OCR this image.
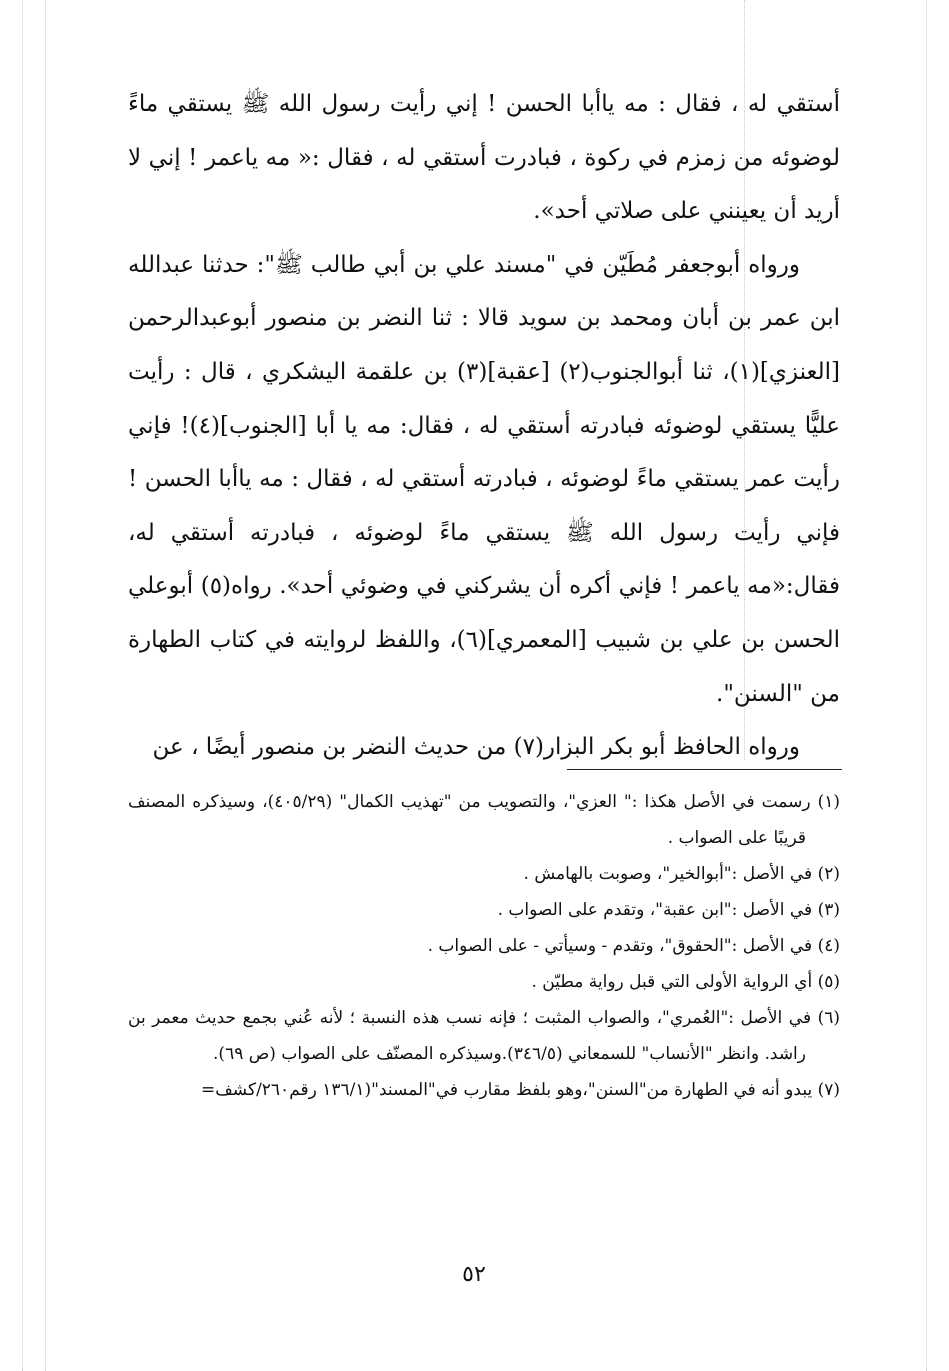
أستقي له ، فقال : مه ياأبا الحسن ! إني رأيت رسول الله ﷺ يستقي ماءً لوضوئه من زمزم في ركوة ، فبادرت أستقي له ، فقال :« مه ياعمر ! إني لا أريد أن يعينني على صلاتي أحد».

ورواه أبوجعفر مُطَيّن في "مسند علي بن أبي طالب ﷺ": حدثنا عبدالله ابن عمر بن أبان ومحمد بن سويد قالا : ثنا النضر بن منصور أبوعبدالرحمن [العنزي](١)، ثنا أبوالجنوب(٢) [عقبة](٣) بن علقمة اليشكري ، قال : رأيت عليًّا يستقي لوضوئه فبادرته أستقي له ، فقال: مه يا أبا [الجنوب](٤)! فإني رأيت عمر يستقي ماءً لوضوئه ، فبادرته أستقي له ، فقال : مه ياأبا الحسن ! فإني رأيت رسول الله ﷺ يستقي ماءً لوضوئه ، فبادرته أستقي له، فقال:«مه ياعمر ! فإني أكره أن يشركني في وضوئي أحد». رواه(٥) أبوعلي الحسن بن علي بن شبيب [المعمري](٦)، واللفظ لروايته في كتاب الطهارة من "السنن".

ورواه الحافظ أبو بكر البزار(٧) من حديث النضر بن منصور أيضًا ، عن

(١) رسمت في الأصل هكذا :" العزي"، والتصويب من "تهذيب الكمال" (٤٠٥/٢٩)، وسيذكره المصنف قريبًا على الصواب .

(٢) في الأصل :"أبوالخير"، وصوبت بالهامش .

(٣) في الأصل :"ابن عقبة"، وتقدم على الصواب .

(٤) في الأصل :"الحقوق"، وتقدم - وسيأتي - على الصواب .

(٥) أي الرواية الأولى التي قبل رواية مطيّن .

(٦) في الأصل :"العُمري"، والصواب المثبت ؛ فإنه نسب هذه النسبة ؛ لأنه عُني بجمع حديث معمر بن راشد. وانظر "الأنساب" للسمعاني (٣٤٦/٥).وسيذكره المصنّف على الصواب (ص ٦٩).

(٧) يبدو أنه في الطهارة من"السنن"،وهو بلفظ مقارب في"المسند"(١٣٦/١ رقم٢٦٠/كشف=

٥٢
